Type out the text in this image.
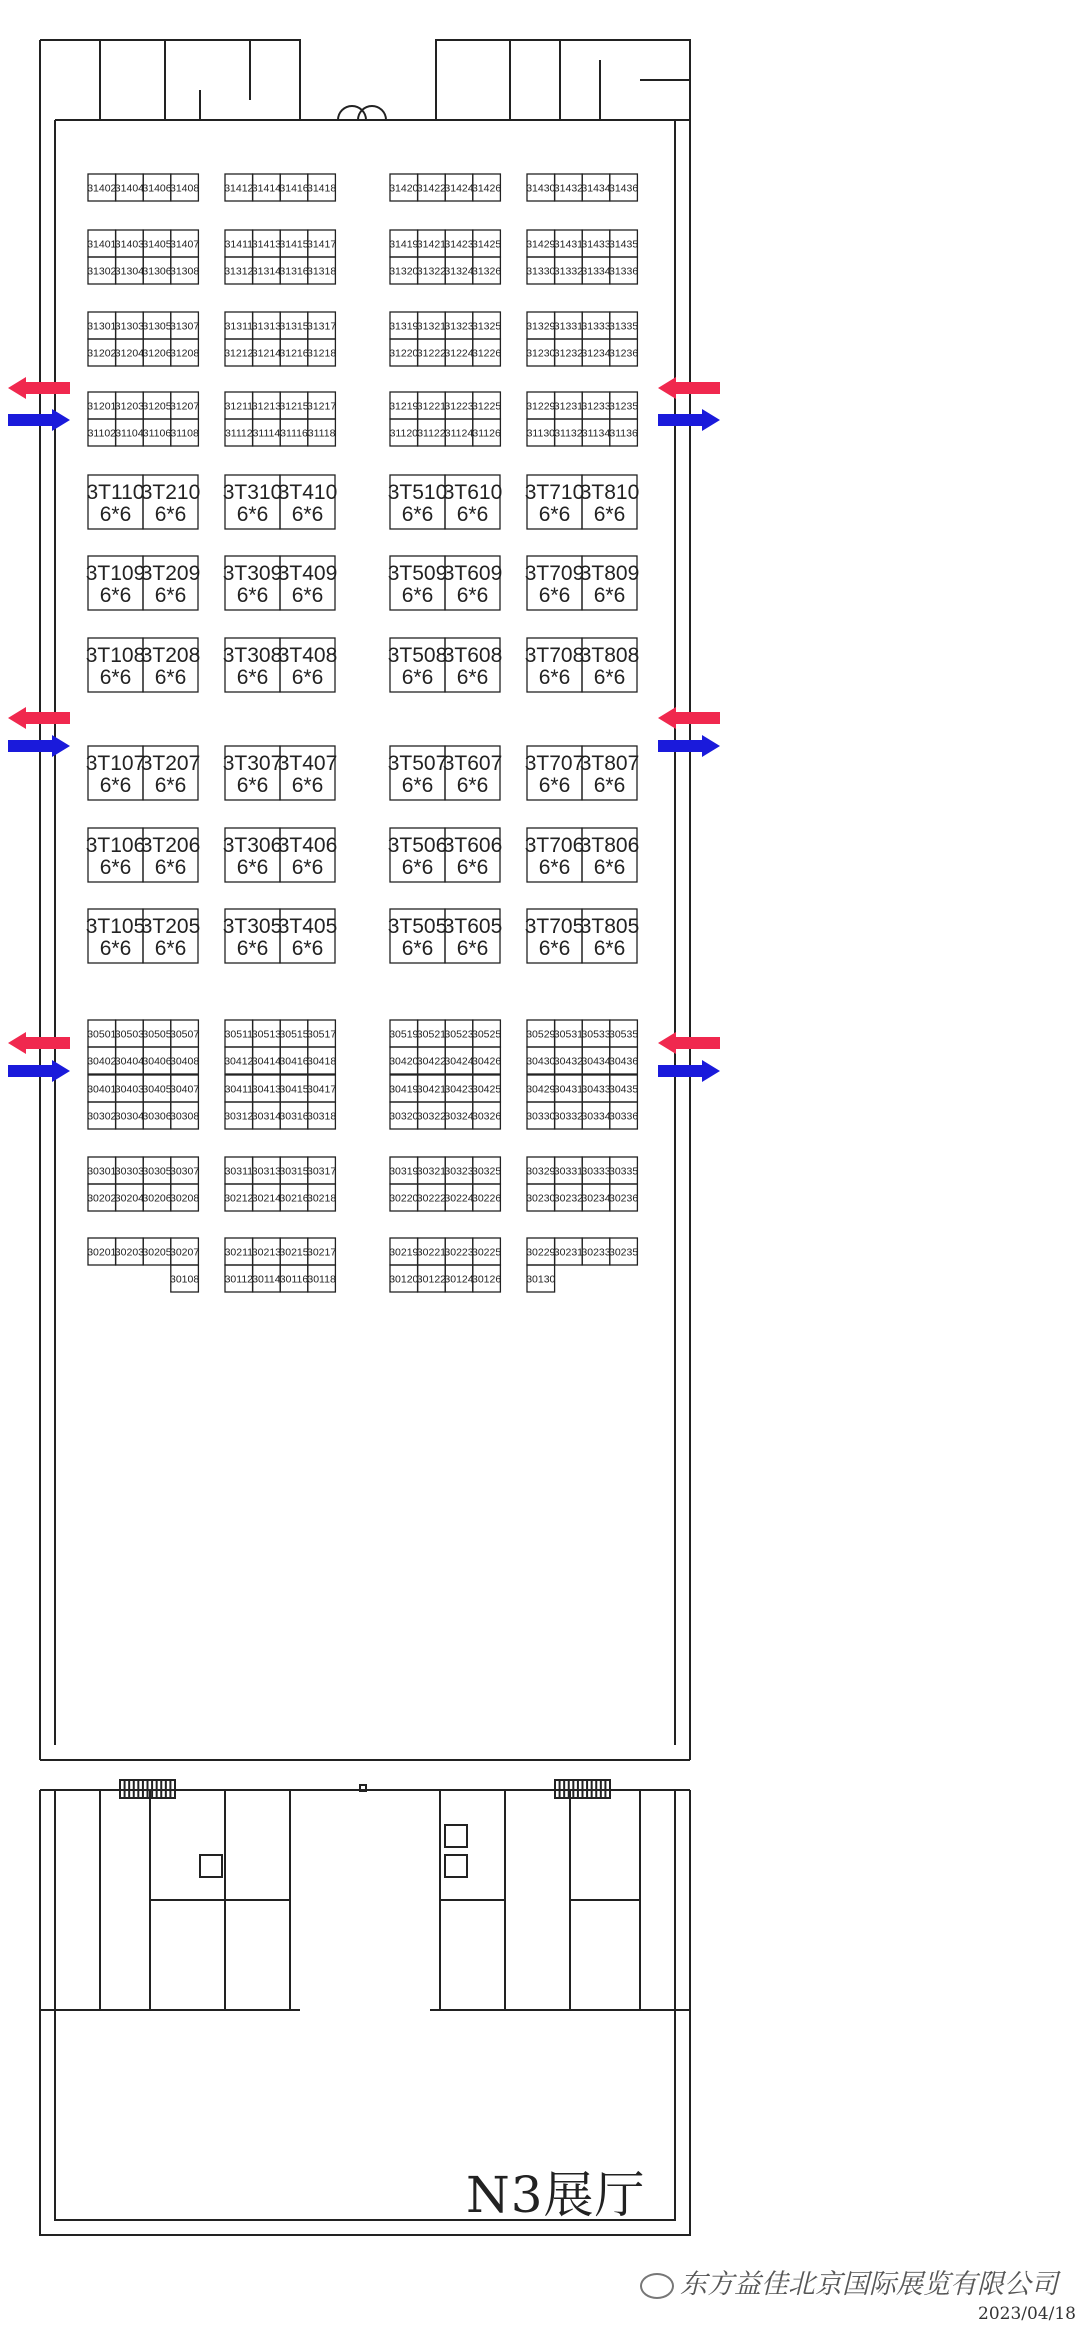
31402
31404
31406
31408 31412
31414
31416
31418	31420
31422
31424
31426 31430
31432
31434
31436
31401
31403
31405
31407
31302
31304
31306
31308
31411
31413
31415
31417
31312
31314
31316
31318
31419
31421
31423
31425
31320
31322
31324
31326
31429
31431
31433
31435
31330
31332
31334
31336
31301
31303
31305
31307
31202
31204
31206
31208
31311
31313
31315
31317
31212
31214
31216
31218
31319
31321
31323
31325
31220
31222
31224
31226
31329
31331
31333
31335
31230
31232
31234
31236
31201
31203
31205
31207
31102 31104 31106 31108
31211
31213
31215
31217
31112 31114 31116 31118
31219
31221
31223
31225
31120 31122 31124 31126
31229
31231
31233
31235
31130 31132 31134 31136
30501
30503
30505
30507
30402
30404
30406
30408
30511
30513
30515
30517
30412
30414
30416
30418
30519
30521
30523
30525
30420
30422
30424
30426
30529
30531
30533
30535
30430
30432
30434
30436
30401
30403
30405
30407
30302
30304
30306
30308
30411
30413
30415
30417
30312
30314
30316
30318
30419
30421
30423
30425
30320
30322
30324
30326
30429
30431
30433
30435
30330
30332
30334
30336
30301
30303
30305
30307
30202
30204
30206
30208
30311
30313
30315
30317
30212
30214
30216
30218
30319
30321
30323
30325
30220
30222
30224
30226
30329
30331
30333
30335
30230
30232
30234
30236
30201
30203
30205
30207
30108
30211
30213
30215
30217
30112 30114 30116 30118
30219
30221
30223
30225
30120
30122
30124
30126
30229
30231
30233
30235
30130
3T110
6*6
3T210
6*6
3T310
6*6
3T410
6*6
3T510
6*6
3T610
6*6
3T710
6*6
3T810
6*6
3T109
6*6
3T209
6*6
3T309
6*6
3T409
6*6
3T509
6*6
3T609
6*6
3T709
6*6
3T809
6*6
3T108
6*6
3T208
6*6
3T308
6*6
3T408
6*6
3T508
6*6
3T608
6*6
3T708
6*6
3T808
6*6
3T107
6*6
3T207
6*6
3T307
6*6
3T407
6*6
3T507
6*6
3T607
6*6
3T707
6*6
3T807
6*6
3T106
6*6
3T206
6*6
3T306
6*6
3T406
6*6
3T506
6*6
3T606
6*6
3T706
6*6
3T806
6*6
3T105
6*6
3T205
6*6
3T305
6*6
3T405
6*6
3T505
6*6
3T605
6*6
3T705
6*6
3T805
6*6
N3展厅
东方益佳北京国际展览有限公司
2023/04/18
